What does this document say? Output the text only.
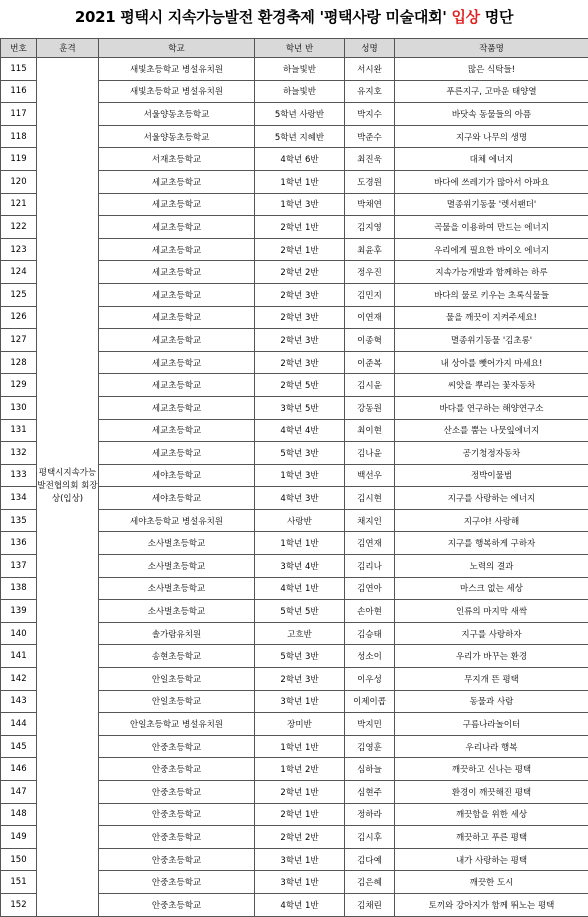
2021 평택시 지속가능발전 환경축제 '평택사랑 미술대회' 입상 명단
번호	훈격	학교	학년 반	성명	작품명
115	평택시지속가능발전협의회 회장상(입상)	새빛초등학교 병설유치원	하늘빛반	서시완	많은 식탁들!
116		새빛초등학교 병설유치원	하늘빛반	유지호	푸른지구, 고마운 태양열
117		서울양동초등학교	5학년 사랑반	박지수	바닷속 동물들의 아픔
118		서울양동초등학교	5학년 지혜반	박준수	지구와 나무의 생명
119		서재초등학교	4학년 6반	최진욱	대체 에너지
120		세교초등학교	1학년 1반	도경원	바다에 쓰레기가 많아서 아파요
121		세교초등학교	1학년 3반	박채연	멸종위기동물 '렛서팬더'
122		세교초등학교	2학년 1반	김지영	곡물을 이용하여 만드는 에너지
123		세교초등학교	2학년 1반	최윤후	우리에게 필요한 바이오 에너지
124		세교초등학교	2학년 2반	정우진	지속가능개발과 함께하는 하루
125		세교초등학교	2학년 3반	김민지	바다의 물로 키우는 초록식물들
126		세교초등학교	2학년 3반	이연재	물을 깨끗이 지켜주세요!
127		세교초등학교	2학년 3반	이종혁	멸종위기동물 '김초롱'
128		세교초등학교	2학년 3반	이준복	내 상아를 뺏어가지 마세요!
129		세교초등학교	2학년 5반	김시윤	씨앗을 뿌리는 꽃자동차
130		세교초등학교	3학년 5반	강동원	바다를 연구하는 해양연구소
131		세교초등학교	4학년 4반	최이현	산소를 뿜는 나뭇잎에너지
132		세교초등학교	5학년 3반	김나윤	공기청정자동차
133		세야초등학교	1학년 3반	백선우	정박이물범
134		세야초등학교	4학년 3반	김시현	지구를 사랑하는 에너지
135		세야초등학교 병설유치원	사랑반	채지인	지구야! 사랑해
136		소사벌초등학교	1학년 1반	김연재	지구를 행복하게 구하자
137		소사벌초등학교	3학년 4반	김리나	노력의 결과
138		소사벌초등학교	4학년 1반	김연아	마스크 없는 세상
139		소사벌초등학교	5학년 5반	손아현	인류의 마지막 새싹
140		솔가람유치원	고흐반	김승태	지구를 사랑하자
141		송현초등학교	5학년 3반	성소이	우리가 바꾸는 환경
142		안일초등학교	2학년 3반	이우성	무지개 뜬 평택
143		안일초등학교	3학년 1반	이제이콥	동물과 사람
144		안일초등학교 병설유치원	장미반	박지민	구름나라놀이터
145		안중초등학교	1학년 1반	김영훈	우리나라 행복
146		안중초등학교	1학년 2반	심하늘	깨끗하고 신나는 평택
147		안중초등학교	2학년 1반	심현주	환경이 깨끗해진 평택
148		안중초등학교	2학년 1반	정하라	깨끗함을 위한 세상
149		안중초등학교	2학년 2반	김시후	깨끗하고 푸른 평택
150		안중초등학교	3학년 1반	김다예	내가 사랑하는 평택
151		안중초등학교	3학년 1반	김은혜	깨끗한 도시
152		안중초등학교	4학년 1반	김채린	토끼와 강아지가 함께 뛰노는 평택
